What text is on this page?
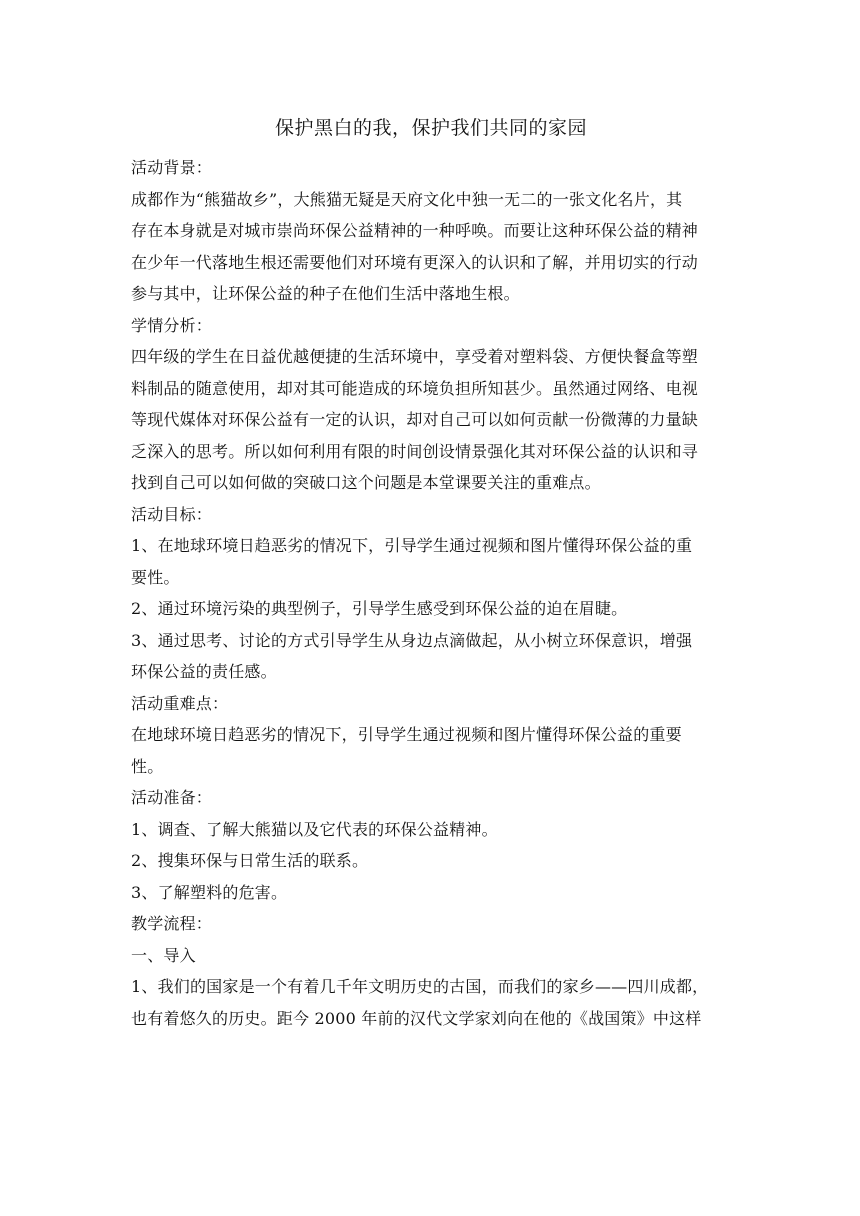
保护黑白的我，保护我们共同的家园

活动背景：

成都作为“熊猫故乡”，大熊猫无疑是天府文化中独一无二的一张文化名片，其

存在本身就是对城市崇尚环保公益精神的一种呼唤。而要让这种环保公益的精神

在少年一代落地生根还需要他们对环境有更深入的认识和了解，并用切实的行动

参与其中，让环保公益的种子在他们生活中落地生根。

学情分析：

四年级的学生在日益优越便捷的生活环境中，享受着对塑料袋、方便快餐盒等塑

料制品的随意使用，却对其可能造成的环境负担所知甚少。虽然通过网络、电视

等现代媒体对环保公益有一定的认识，却对自己可以如何贡献一份微薄的力量缺

乏深入的思考。所以如何利用有限的时间创设情景强化其对环保公益的认识和寻

找到自己可以如何做的突破口这个问题是本堂课要关注的重难点。

活动目标：

1、在地球环境日趋恶劣的情况下，引导学生通过视频和图片懂得环保公益的重

要性。

2、通过环境污染的典型例子，引导学生感受到环保公益的迫在眉睫。

3、通过思考、讨论的方式引导学生从身边点滴做起，从小树立环保意识，增强

环保公益的责任感。

活动重难点：

在地球环境日趋恶劣的情况下，引导学生通过视频和图片懂得环保公益的重要

性。

活动准备：

1、调查、了解大熊猫以及它代表的环保公益精神。

2、搜集环保与日常生活的联系。

3、了解塑料的危害。

教学流程：

一、导入

1、我们的国家是一个有着几千年文明历史的古国，而我们的家乡——四川成都，

也有着悠久的历史。距今 2000 年前的汉代文学家刘向在他的《战国策》中这样
